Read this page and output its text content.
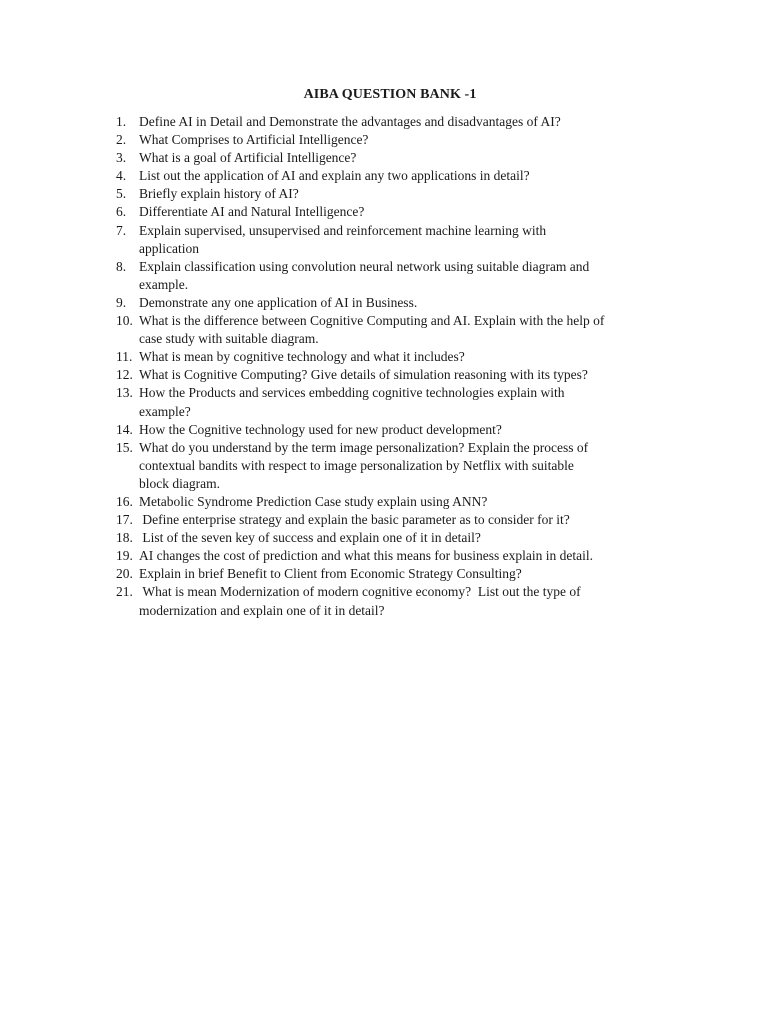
AIBA QUESTION BANK -1
1. Define AI in Detail and Demonstrate the advantages and disadvantages of AI?
2. What Comprises to Artificial Intelligence?
3. What is a goal of Artificial Intelligence?
4. List out the application of AI and explain any two applications in detail?
5. Briefly explain history of AI?
6. Differentiate AI and Natural Intelligence?
7. Explain supervised, unsupervised and reinforcement machine learning with
application
8. Explain classification using convolution neural network using suitable diagram and
example.
9. Demonstrate any one application of AI in Business.
10. What is the difference between Cognitive Computing and AI. Explain with the help of
case study with suitable diagram.
11. What is mean by cognitive technology and what it includes?
12. What is Cognitive Computing? Give details of simulation reasoning with its types?
13. How the Products and services embedding cognitive technologies explain with
example?
14. How the Cognitive technology used for new product development?
15. What do you understand by the term image personalization? Explain the process of
contextual bandits with respect to image personalization by Netflix with suitable
block diagram.
16. Metabolic Syndrome Prediction Case study explain using ANN?
17. Define enterprise strategy and explain the basic parameter as to consider for it?
18. List of the seven key of success and explain one of it in detail?
19. AI changes the cost of prediction and what this means for business explain in detail.
20. Explain in brief Benefit to Client from Economic Strategy Consulting?
21. What is mean Modernization of modern cognitive economy?  List out the type of
modernization and explain one of it in detail?
